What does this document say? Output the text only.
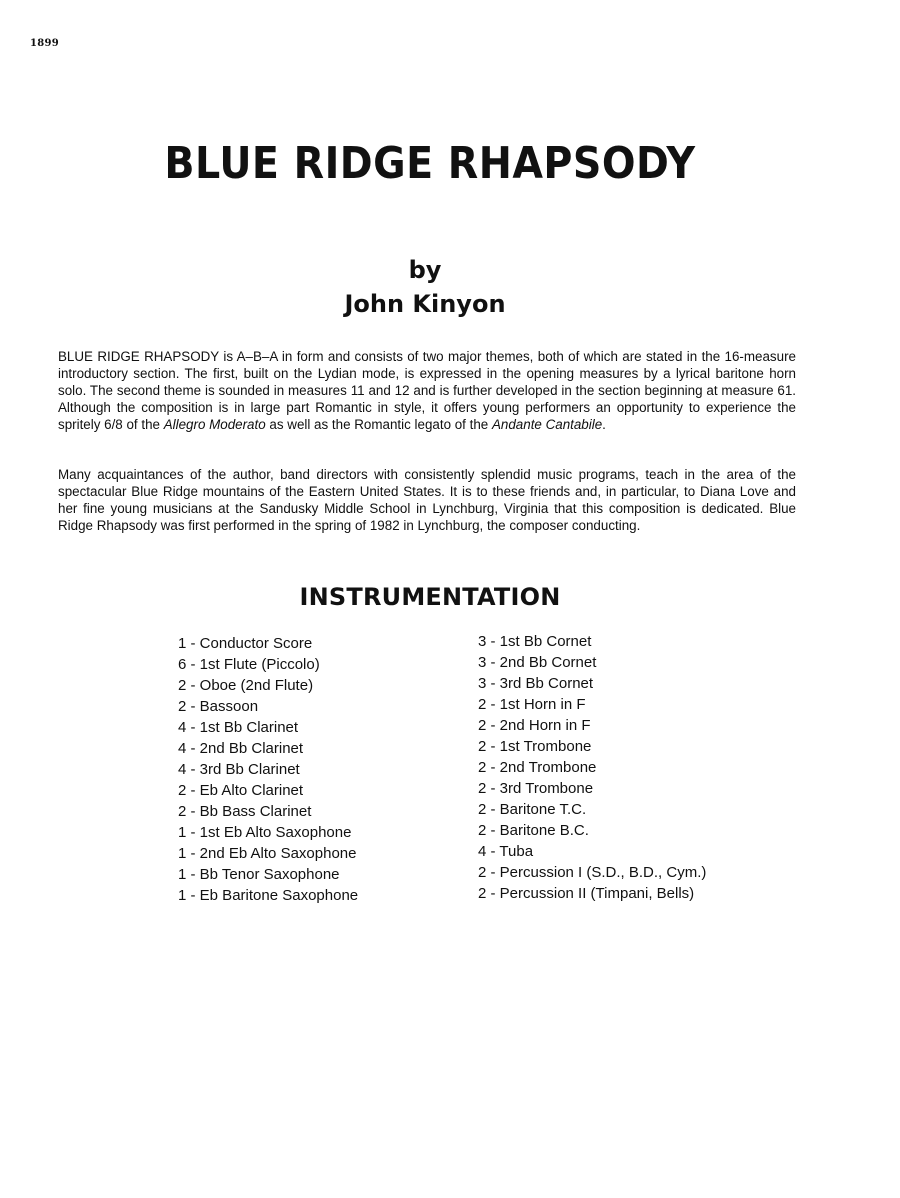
1899
BLUE RIDGE RHAPSODY
by
John Kinyon

BLUE RIDGE RHAPSODY is A–B–A in form and consists of two major themes, both of which are stated in the 16-measure introductory section. The first, built on the Lydian mode, is expressed in the opening measures by a lyrical baritone horn solo. The second theme is sounded in measures 11 and 12 and is further developed in the section beginning at measure 61. Although the composition is in large part Romantic in style, it offers young performers an opportunity to experience the spritely 6/8 of the Allegro Moderato as well as the Romantic legato of the Andante Cantabile.

Many acquaintances of the author, band directors with consistently splendid music programs, teach in the area of the spectacular Blue Ridge mountains of the Eastern United States. It is to these friends and, in particular, to Diana Love and her fine young musicians at the Sandusky Middle School in Lynchburg, Virginia that this composition is dedicated. Blue Ridge Rhapsody was first performed in the spring of 1982 in Lynchburg, the composer conducting.

INSTRUMENTATION
1 - Conductor Score
6 - 1st Flute (Piccolo)
2 - Oboe (2nd Flute)
2 - Bassoon
4 - 1st Bb Clarinet
4 - 2nd Bb Clarinet
4 - 3rd Bb Clarinet
2 - Eb Alto Clarinet
2 - Bb Bass Clarinet
1 - 1st Eb Alto Saxophone
1 - 2nd Eb Alto Saxophone
1 - Bb Tenor Saxophone
1 - Eb Baritone Saxophone
3 - 1st Bb Cornet
3 - 2nd Bb Cornet
3 - 3rd Bb Cornet
2 - 1st Horn in F
2 - 2nd Horn in F
2 - 1st Trombone
2 - 2nd Trombone
2 - 3rd Trombone
2 - Baritone T.C.
2 - Baritone B.C.
4 - Tuba
2 - Percussion I (S.D., B.D., Cym.)
2 - Percussion II (Timpani, Bells)
